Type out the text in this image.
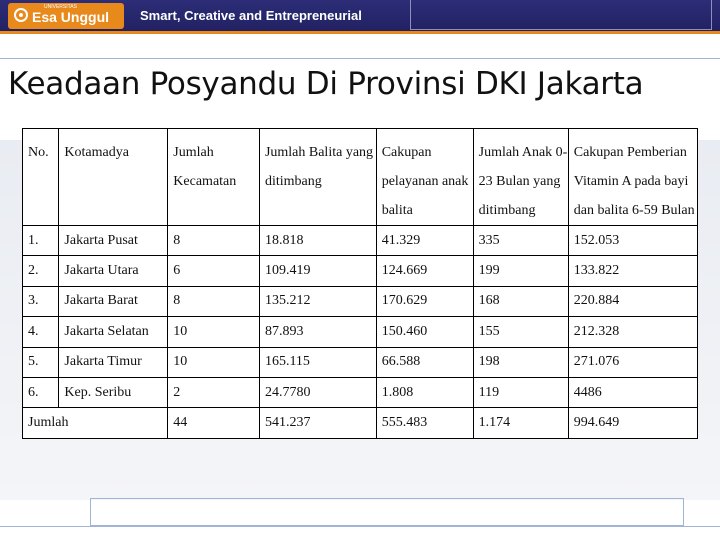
UNIVERSITAS
Esa Unggul Smart, Creative and Entrepreneurial
Keadaan Posyandu Di Provinsi DKI Jakarta
No.	Kotamadya	Jumlah Kecamatan	Jumlah Balita yang ditimbang	Cakupan pelayanan anak balita	Jumlah Anak 0-23 Bulan yang ditimbang	Cakupan Pemberian Vitamin A pada bayi dan balita 6-59 Bulan
1.	Jakarta Pusat	8	18.818	41.329	335	152.053
2.	Jakarta Utara	6	109.419	124.669	199	133.822
3.	Jakarta Barat	8	135.212	170.629	168	220.884
4.	Jakarta Selatan	10	87.893	150.460	155	212.328
5.	Jakarta Timur	10	165.115	66.588	198	271.076
6.	Kep. Seribu	2	24.7780	1.808	119	4486
Jumlah		44	541.237	555.483	1.174	994.649
